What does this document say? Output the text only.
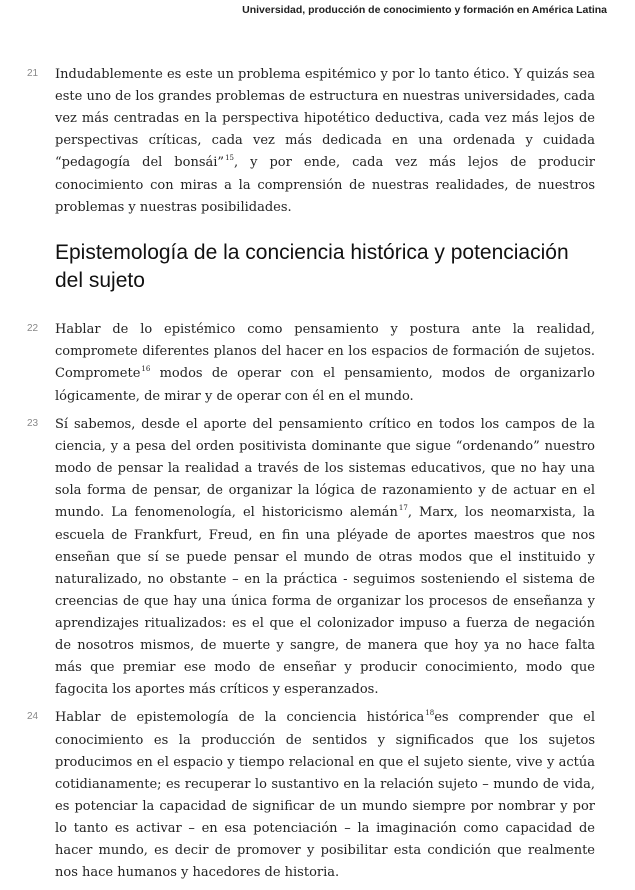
Universidad, producción de conocimiento y formación en América Latina
21 Indudablemente es este un problema espitémico y por lo tanto ético. Y quizás sea este uno de los grandes problemas de estructura en nuestras universidades, cada vez más centradas en la perspectiva hipotético deductiva, cada vez más lejos de perspectivas críticas, cada vez más dedicada en una ordenada y cuidada “pedagogía del bonsái”$^{15}$, y por ende, cada vez más lejos de producir conocimiento con miras a la comprensión de nuestras realidades, de nuestros problemas y nuestras posibilidades.
Epistemología de la conciencia histórica y potenciación del sujeto
22 Hablar de lo epistémico como pensamiento y postura ante la realidad, compromete diferentes planos del hacer en los espacios de formación de sujetos. Compromete$^{16}$ modos de operar con el pensamiento, modos de organizarlo lógicamente, de mirar y de operar con él en el mundo.
23 Sí sabemos, desde el aporte del pensamiento crítico en todos los campos de la ciencia, y a pesa del orden positivista dominante que sigue “ordenando” nuestro modo de pensar la realidad a través de los sistemas educativos, que no hay una sola forma de pensar, de organizar la lógica de razonamiento y de actuar en el mundo. La fenomenología, el historicismo alemán$^{17}$, Marx, los neomarxista, la escuela de Frankfurt, Freud, en fin una pléyade de aportes maestros que nos enseñan que sí se puede pensar el mundo de otras modos que el instituido y naturalizado, no obstante – en la práctica - seguimos sosteniendo el sistema de creencias de que hay una única forma de organizar los procesos de enseñanza y aprendizajes ritualizados: es el que el colonizador impuso a fuerza de negación de nosotros mismos, de muerte y sangre, de manera que hoy ya no hace falta más que premiar ese modo de enseñar y producir conocimiento, modo que fagocita los aportes más críticos y esperanzados.
24 Hablar de epistemología de la conciencia histórica$^{18}$es comprender que el conocimiento es la producción de sentidos y significados que los sujetos producimos en el espacio y tiempo relacional en que el sujeto siente, vive y actúa cotidianamente; es recuperar lo sustantivo en la relación sujeto – mundo de vida, es potenciar la capacidad de significar de un mundo siempre por nombrar y por lo tanto es activar – en esa potenciación – la imaginación como capacidad de hacer mundo, es decir de promover y posibilitar esta condición que realmente nos hace humanos y hacedores de historia.
